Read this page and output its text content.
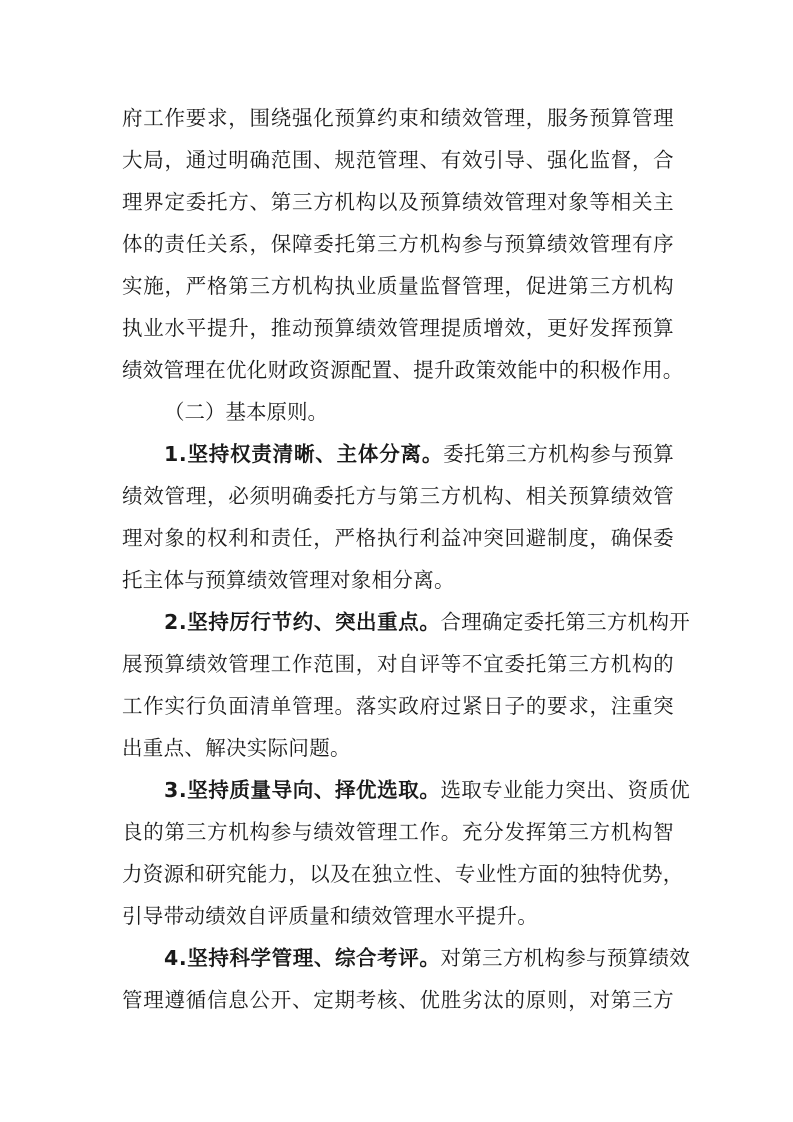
府工作要求，围绕强化预算约束和绩效管理，服务预算管理
大局，通过明确范围、规范管理、有效引导、强化监督，合
理界定委托方、第三方机构以及预算绩效管理对象等相关主
体的责任关系，保障委托第三方机构参与预算绩效管理有序
实施，严格第三方机构执业质量监督管理，促进第三方机构
执业水平提升，推动预算绩效管理提质增效，更好发挥预算
绩效管理在优化财政资源配置、提升政策效能中的积极作用。
（二）基本原则。
1.坚持权责清晰、主体分离。委托第三方机构参与预算
绩效管理，必须明确委托方与第三方机构、相关预算绩效管
理对象的权利和责任，严格执行利益冲突回避制度，确保委
托主体与预算绩效管理对象相分离。
2.坚持厉行节约、突出重点。合理确定委托第三方机构开
展预算绩效管理工作范围，对自评等不宜委托第三方机构的
工作实行负面清单管理。落实政府过紧日子的要求，注重突
出重点、解决实际问题。
3.坚持质量导向、择优选取。选取专业能力突出、资质优
良的第三方机构参与绩效管理工作。充分发挥第三方机构智
力资源和研究能力，以及在独立性、专业性方面的独特优势，
引导带动绩效自评质量和绩效管理水平提升。
4.坚持科学管理、综合考评。对第三方机构参与预算绩效
管理遵循信息公开、定期考核、优胜劣汰的原则，对第三方
